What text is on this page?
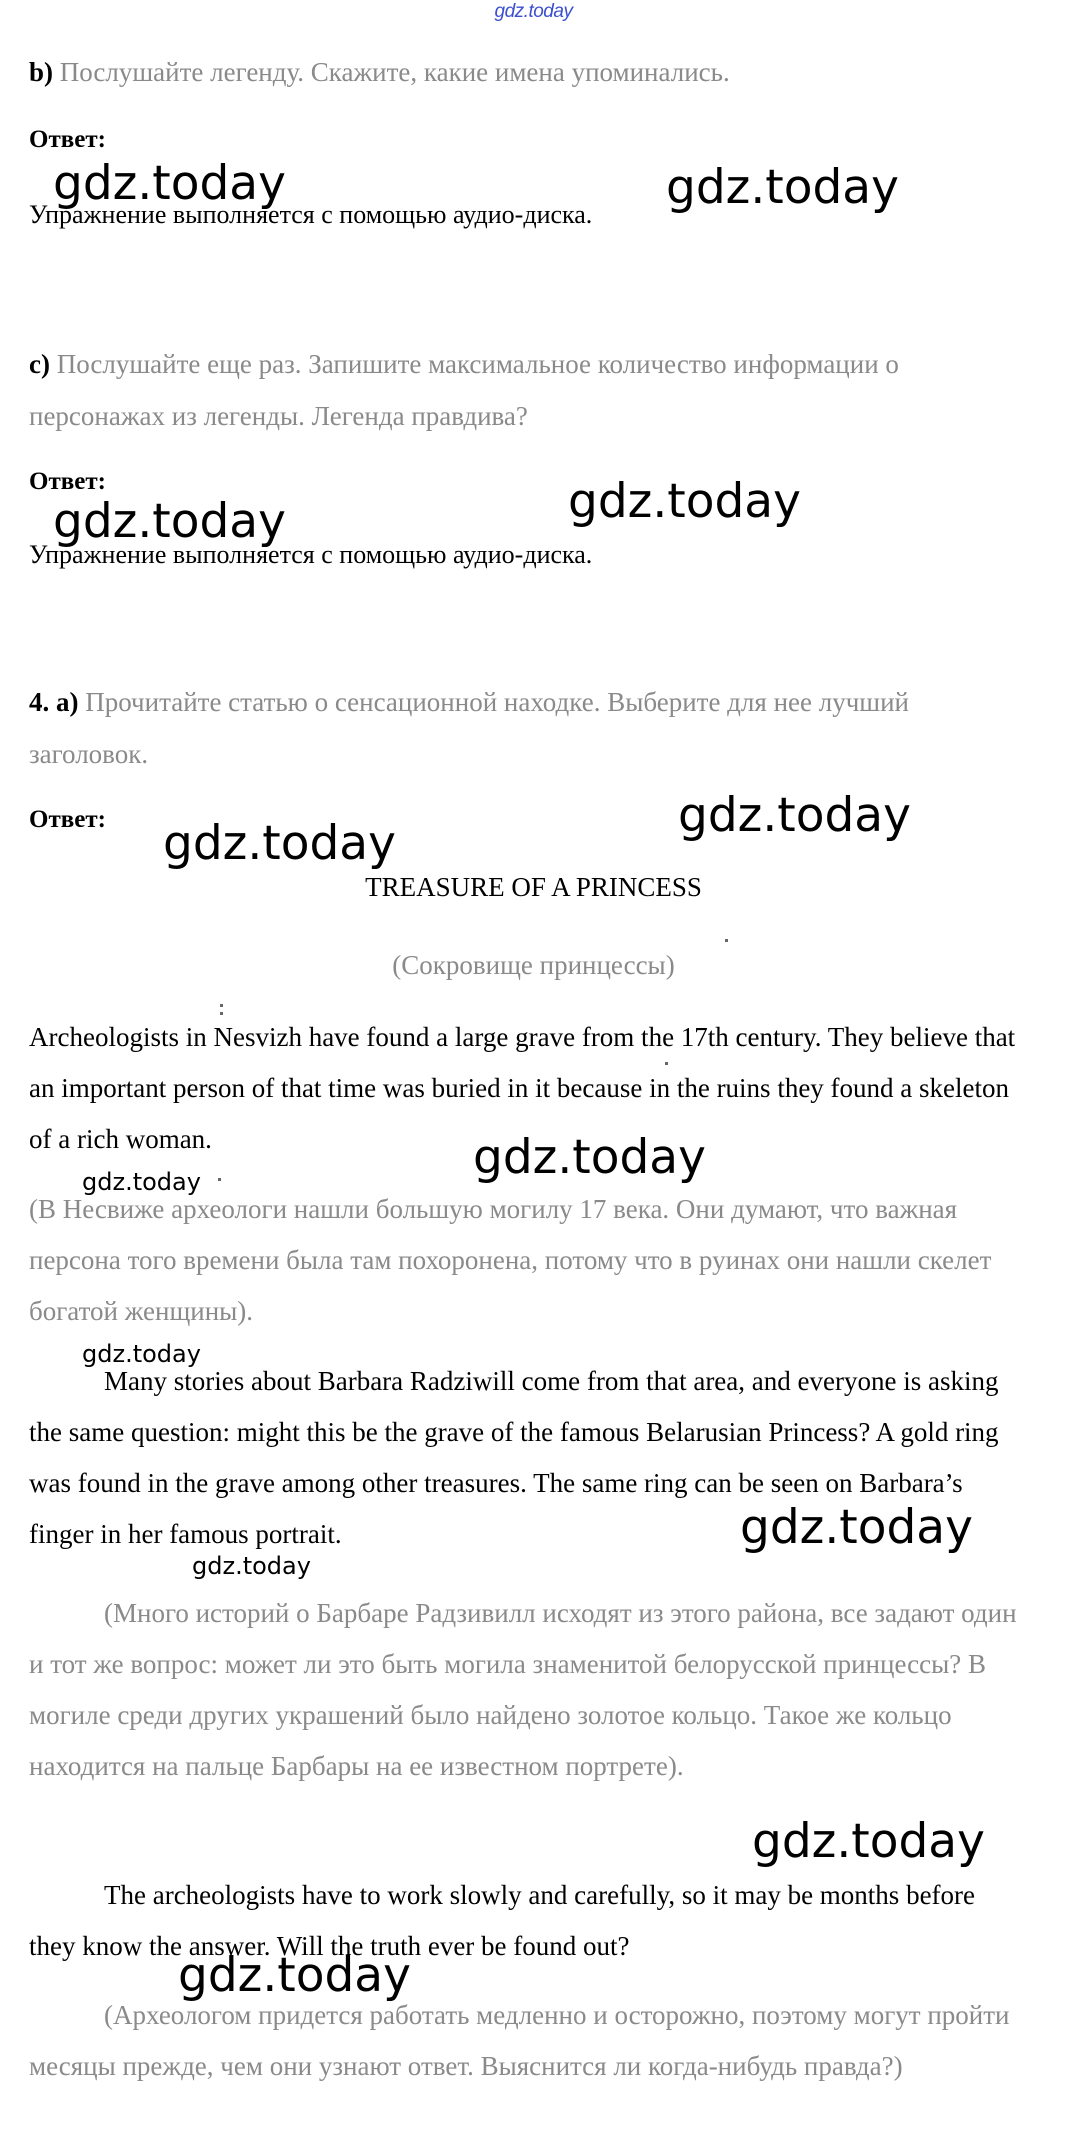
gdz.today
b) Послушайте легенду. Скажите, какие имена упоминались.
Ответ:
Упражнение выполняется с помощью аудио-диска.
c) Послушайте еще раз. Запишите максимальное количество информации о персонажах из легенды. Легенда правдива?
Ответ:
Упражнение выполняется с помощью аудио-диска.
4. a) Прочитайте статью о сенсационной находке. Выберите для нее лучший заголовок.
Ответ:
TREASURE OF A PRINCESS
(Сокровище принцессы)
Archeologists in Nesvizh have found a large grave from the 17th century. They believe that an important person of that time was buried in it because in the ruins they found a skeleton of a rich woman.
(В Несвиже археологи нашли большую могилу 17 века. Они думают, что важная персона того времени была там похоронена, потому что в руинах они нашли скелет богатой женщины).
Many stories about Barbara Radziwill come from that area, and everyone is asking the same question: might this be the grave of the famous Belarusian Princess? A gold ring was found in the grave among other treasures. The same ring can be seen on Barbara’s finger in her famous portrait.
(Много историй о Барбаре Радзивилл исходят из этого района, все задают один и тот же вопрос: может ли это быть могила знаменитой белорусской принцессы? В могиле среди других украшений было найдено золотое кольцо. Такое же кольцо находится на пальце Барбары на ее известном портрете).
The archeologists have to work slowly and carefully, so it may be months before they know the answer. Will the truth ever be found out?
(Археологом придется работать медленно и осторожно, поэтому могут пройти месяцы прежде, чем они узнают ответ. Выяснится ли когда-нибудь правда?)
gdz.today	gdz.today
gdz.today
gdz.today
gdz.today
gdz.today
gdz.today
gdz.today
gdz.today
gdz.today
gdz.today
gdz.today
gdz.today
